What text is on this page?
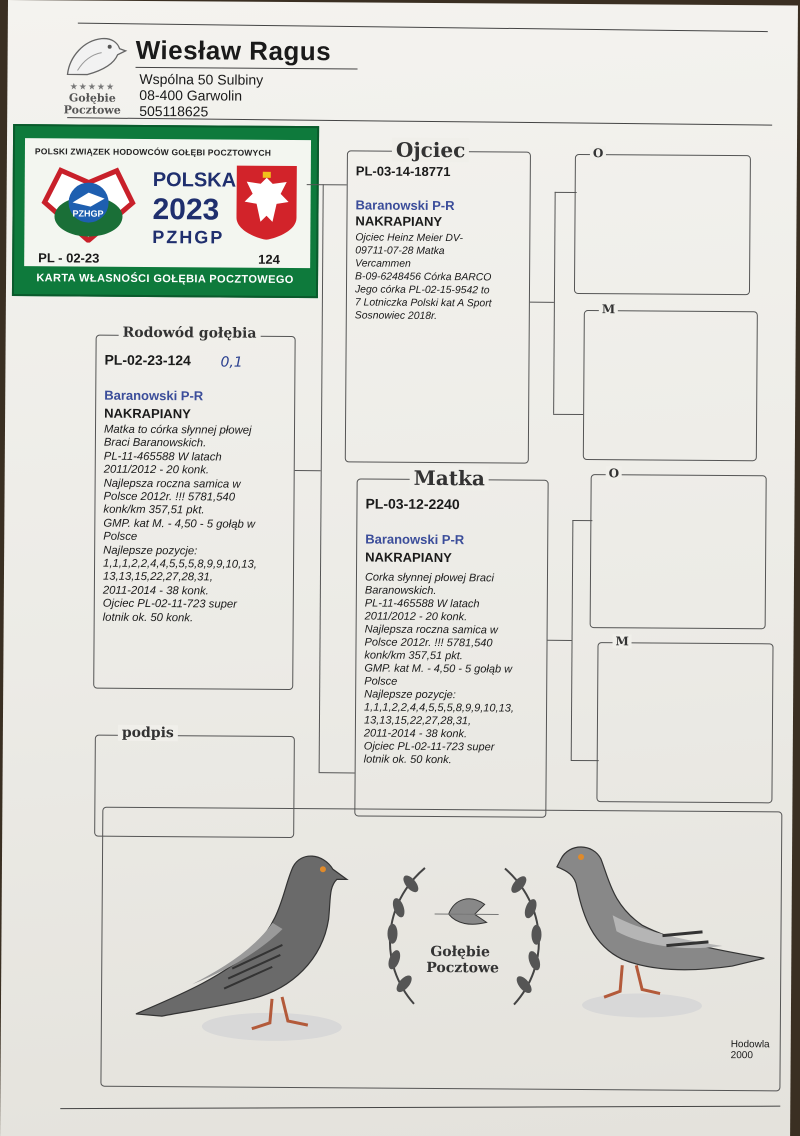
★★★★★
Gołębie
Pocztowe
Wiesław Ragus
Wspólna 50 Sulbiny
08-400 Garwolin
505118625
POLSKI ZWIĄZEK HODOWCÓW GOŁĘBI POCZTOWYCH
PZHGP
POLSKA
2023
PZHGP
PL - 02-23	124
KARTA WŁASNOŚCI GOŁĘBIA POCZTOWEGO
Rodowód gołębia
PL-02-23-124 0,1
Baranowski P-R
NAKRAPIANY
Matka to córka słynnej płowej
Braci Baranowskich.
PL-11-465588 W latach
2011/2012 - 20 konk.
Najlepsza roczna samica w
Polsce 2012r. !!! 5781,540
konk/km 357,51 pkt.
GMP. kat M. - 4,50 - 5 gołąb w
Polsce
Najlepsze pozycje:
1,1,1,2,2,4,4,5,5,5,8,9,9,10,13,
13,13,15,22,27,28,31,
2011-2014 - 38 konk.
Ojciec PL-02-11-723 super
lotnik ok. 50 konk.
Ojciec
PL-03-14-18771
Baranowski P-R
NAKRAPIANY
Ojciec Heinz Meier DV-
09711-07-28 Matka
Vercammen
B-09-6248456 Córka BARCO
Jego córka PL-02-15-9542 to
7 Lotniczka Polski kat A Sport
Sosnowiec 2018r.
Matka
PL-03-12-2240
Baranowski P-R
NAKRAPIANY
Corka słynnej płowej Braci
Baranowskich.
PL-11-465588 W latach
2011/2012 - 20 konk.
Najlepsza roczna samica w
Polsce 2012r. !!! 5781,540
konk/km 357,51 pkt.
GMP. kat M. - 4,50 - 5 gołąb w
Polsce
Najlepsze pozycje:
1,1,1,2,2,4,4,5,5,5,8,9,9,10,13,
13,13,15,22,27,28,31,
2011-2014 - 38 konk.
Ojciec PL-02-11-723 super
lotnik ok. 50 konk.
O
M
O
M
podpis
Gołębie
Pocztowe
Hodowla 2000
